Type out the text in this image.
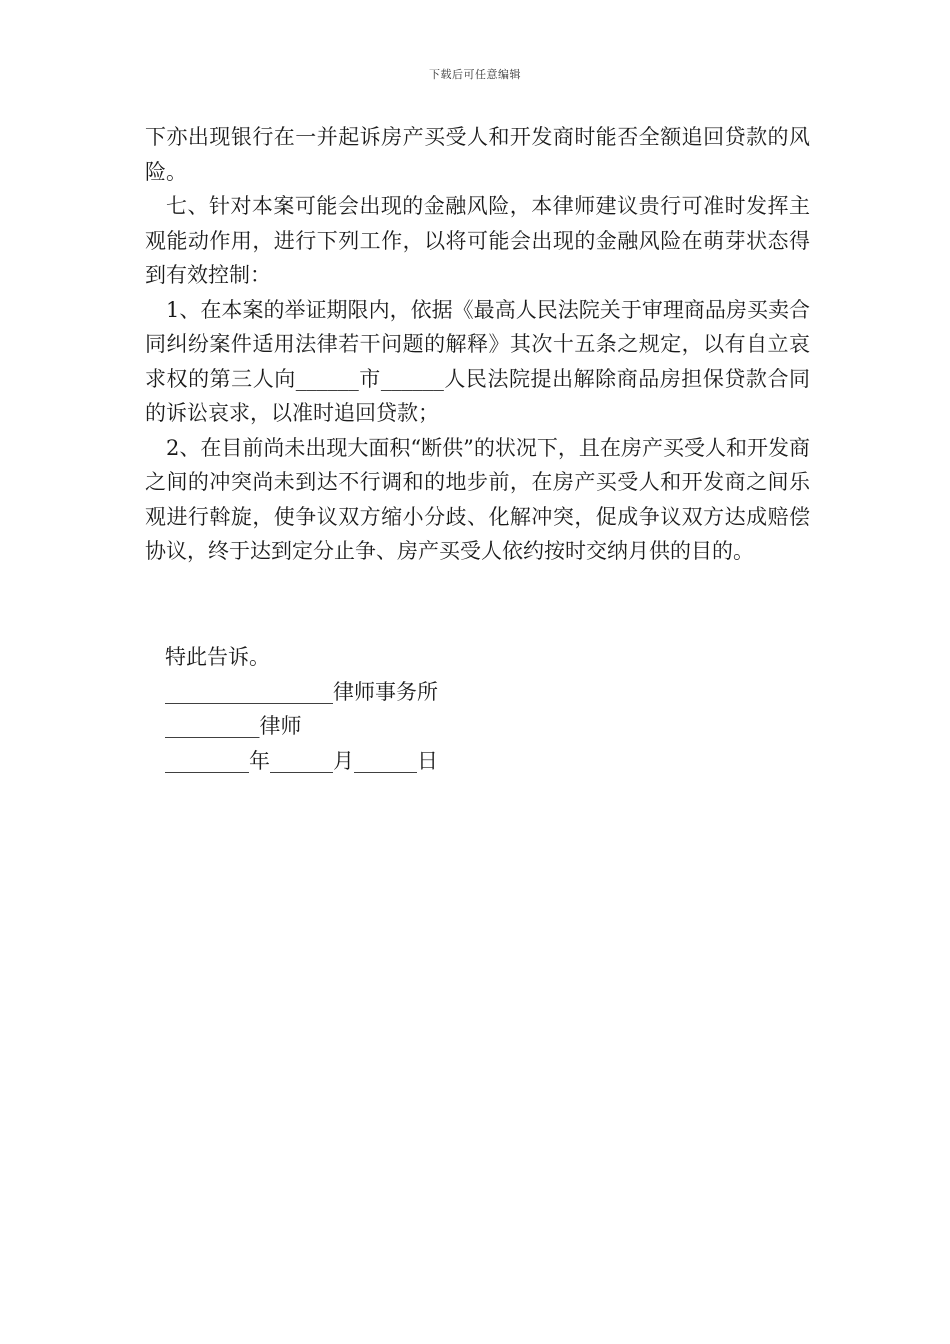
下载后可任意编辑

下亦出现银行在一并起诉房产买受人和开发商时能否全额追回贷款的风险。

七、针对本案可能会出现的金融风险，本律师建议贵行可准时发挥主观能动作用，进行下列工作，以将可能会出现的金融风险在萌芽状态得到有效控制：

1、在本案的举证期限内，依据《最高人民法院关于审理商品房买卖合同纠纷案件适用法律若干问题的解释》其次十五条之规定，以有自立哀求权的第三人向______市______人民法院提出解除商品房担保贷款合同的诉讼哀求，以准时追回贷款；

2、在目前尚未出现大面积“断供”的状况下，且在房产买受人和开发商之间的冲突尚未到达不行调和的地步前，在房产买受人和开发商之间乐观进行斡旋，使争议双方缩小分歧、化解冲突，促成争议双方达成赔偿协议，终于达到定分止争、房产买受人依约按时交纳月供的目的。

特此告诉。
________________律师事务所
_________律师
________年______月______日
